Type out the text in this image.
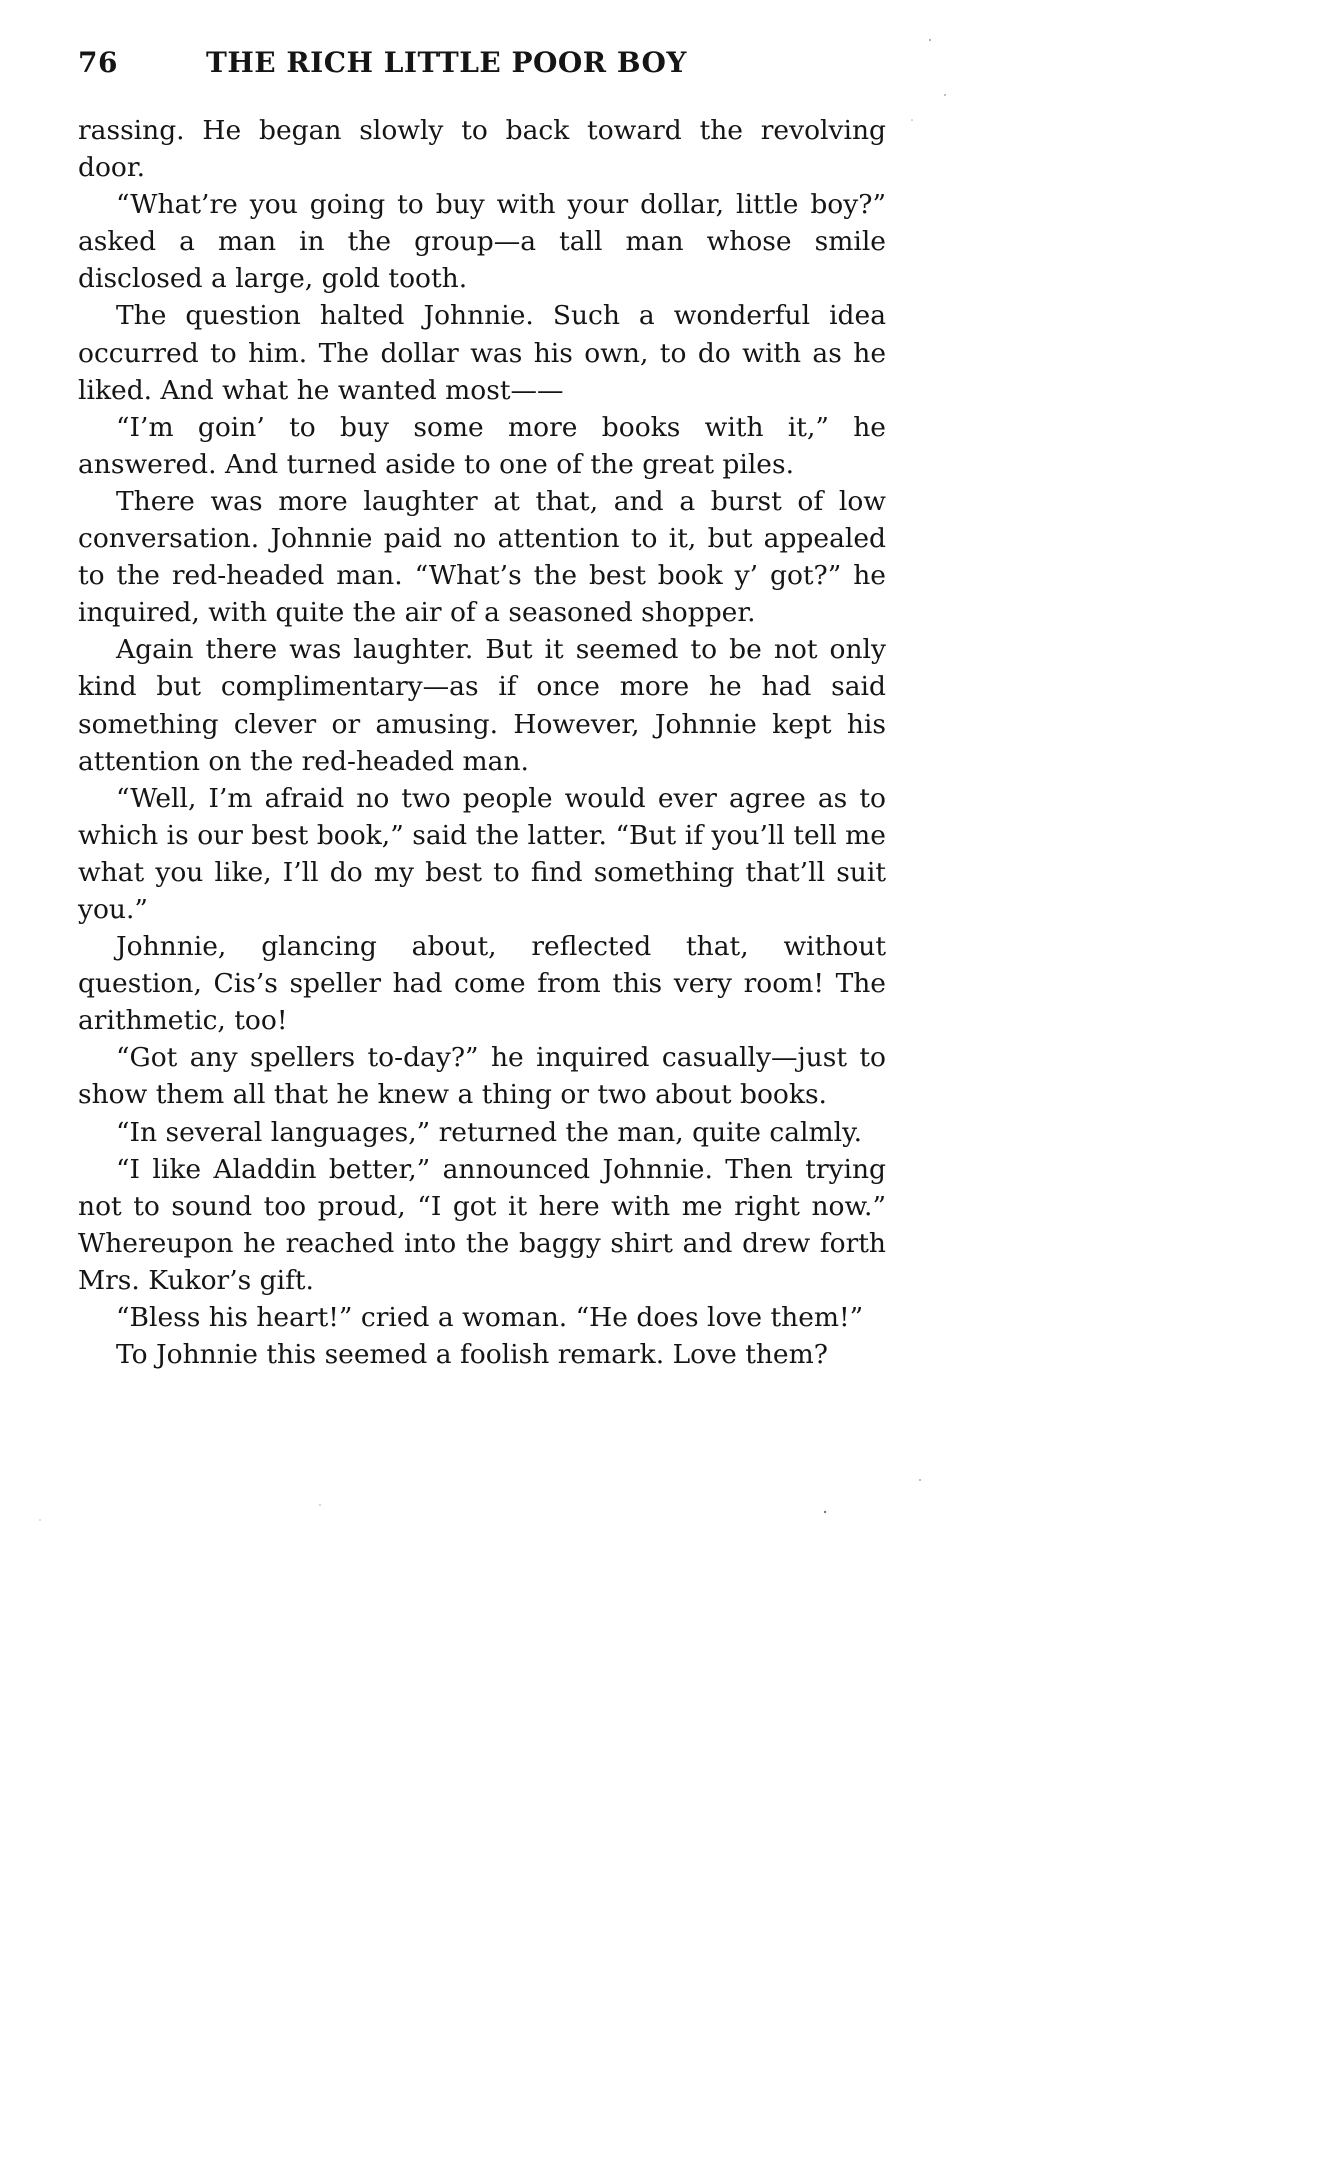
76	THE RICH LITTLE POOR BOY

rassing. He began slowly to back toward the revolving door.

“What’re you going to buy with your dollar, little boy?” asked a man in the group—a tall man whose smile disclosed a large, gold tooth.

The question halted Johnnie. Such a wonderful idea occurred to him. The dollar was his own, to do with as he liked. And what he wanted most——

“I’m goin’ to buy some more books with it,” he answered. And turned aside to one of the great piles.

There was more laughter at that, and a burst of low conversation. Johnnie paid no attention to it, but appealed to the red-headed man. “What’s the best book y’ got?” he inquired, with quite the air of a seasoned shopper.

Again there was laughter. But it seemed to be not only kind but complimentary—as if once more he had said something clever or amusing. However, Johnnie kept his attention on the red-headed man.

“Well, I’m afraid no two people would ever agree as to which is our best book,” said the latter. “But if you’ll tell me what you like, I’ll do my best to find something that’ll suit you.”

Johnnie, glancing about, reflected that, without question, Cis’s speller had come from this very room! The arithmetic, too!

“Got any spellers to-day?” he inquired casually—just to show them all that he knew a thing or two about books.

“In several languages,” returned the man, quite calmly.

“I like Aladdin better,” announced Johnnie. Then trying not to sound too proud, “I got it here with me right now.” Whereupon he reached into the baggy shirt and drew forth Mrs. Kukor’s gift.

“Bless his heart!” cried a woman. “He does love them!”

To Johnnie this seemed a foolish remark. Love them?
